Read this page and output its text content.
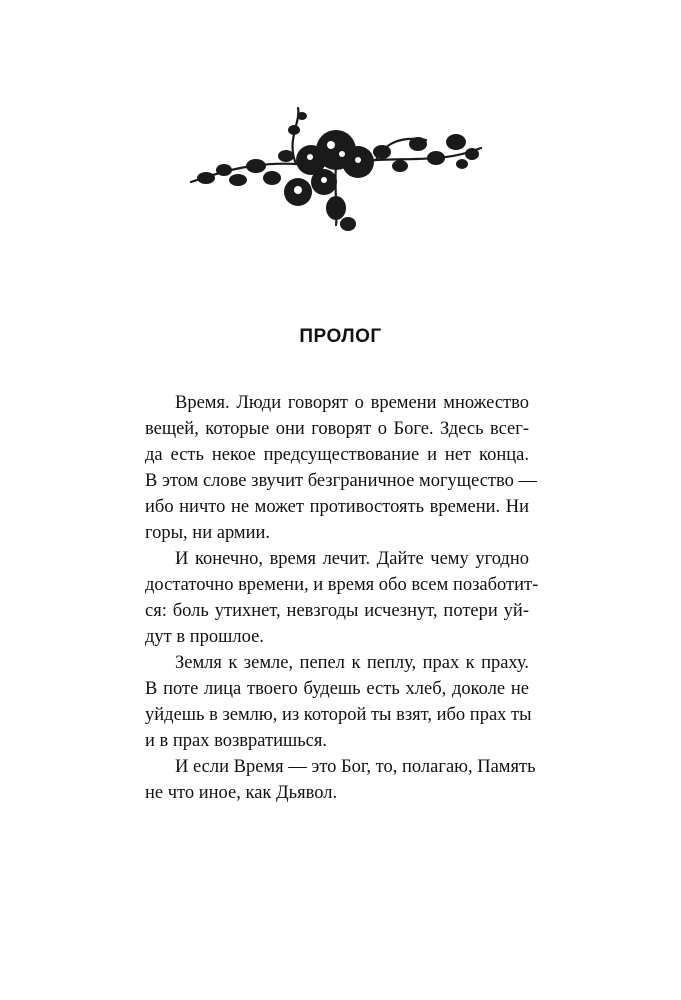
ПРОЛОГ

Время. Люди говорят о времени множество
вещей, которые они говорят о Боге. Здесь всег-
да есть некое предсуществование и нет конца.
В этом слове звучит безграничное могущество —
ибо ничто не может противостоять времени. Ни
горы, ни армии.

И конечно, время лечит. Дайте чему угодно
достаточно времени, и время обо всем позаботит-
ся: боль утихнет, невзгоды исчезнут, потери уй-
дут в прошлое.

Земля к земле, пепел к пеплу, прах к праху.
В поте лица твоего будешь есть хлеб, доколе не
уйдешь в землю, из которой ты взят, ибо прах ты
и в прах возвратишься.

И если Время — это Бог, то, полагаю, Память
не что иное, как Дьявол.
